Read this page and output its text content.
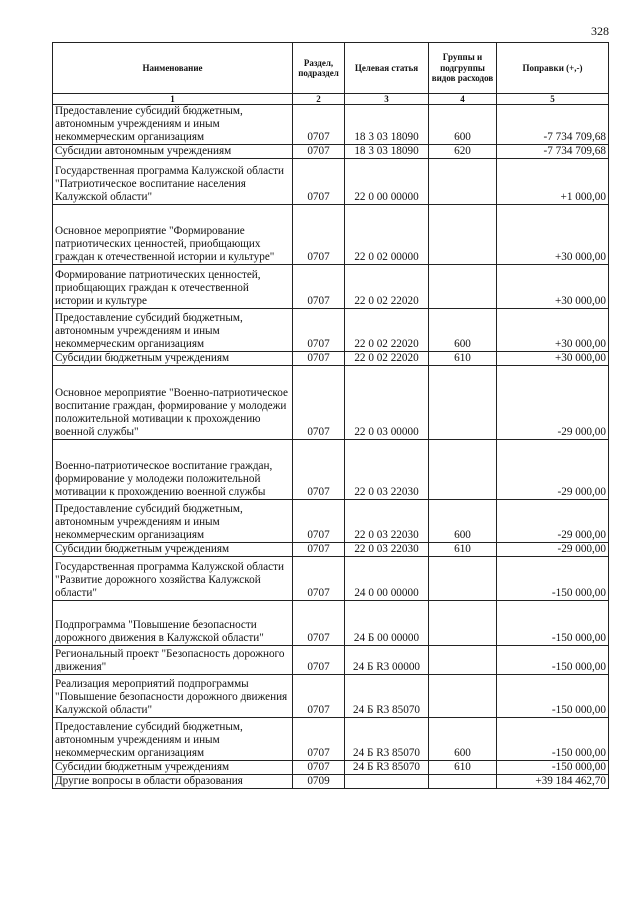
328
Наименование	Раздел, подраздел	Целевая статья	Группы и подгруппы видов расходов	Поправки (+,-)
1	2	3	4	5
Предоставление субсидий бюджетным, автономным учреждениям и иным некоммерческим организациям	0707	18 3 03 18090	600	-7 734 709,68
Субсидии автономным учреждениям	0707	18 3 03 18090	620	-7 734 709,68
Государственная программа Калужской области "Патриотическое воспитание населения Калужской области"	0707	22 0 00 00000		+1 000,00
Основное мероприятие "Формирование патриотических ценностей, приобщающих граждан к отечественной истории и культуре"	0707	22 0 02 00000		+30 000,00
Формирование патриотических ценностей, приобщающих граждан к отечественной истории и культуре	0707	22 0 02 22020		+30 000,00
Предоставление субсидий бюджетным, автономным учреждениям и иным некоммерческим организациям	0707	22 0 02 22020	600	+30 000,00
Субсидии бюджетным учреждениям	0707	22 0 02 22020	610	+30 000,00
Основное мероприятие "Военно-патриотическое воспитание граждан, формирование у молодежи положительной мотивации к прохождению военной службы"	0707	22 0 03 00000		-29 000,00
Военно-патриотическое воспитание граждан, формирование у молодежи положительной мотивации к прохождению военной службы	0707	22 0 03 22030		-29 000,00
Предоставление субсидий бюджетным, автономным учреждениям и иным некоммерческим организациям	0707	22 0 03 22030	600	-29 000,00
Субсидии бюджетным учреждениям	0707	22 0 03 22030	610	-29 000,00
Государственная программа Калужской области "Развитие дорожного хозяйства Калужской области"	0707	24 0 00 00000		-150 000,00
Подпрограмма "Повышение безопасности дорожного движения в Калужской области"	0707	24 Б 00 00000		-150 000,00
Региональный проект "Безопасность дорожного движения"	0707	24 Б R3 00000		-150 000,00
Реализация мероприятий подпрограммы "Повышение безопасности дорожного движения Калужской области"	0707	24 Б R3 85070		-150 000,00
Предоставление субсидий бюджетным, автономным учреждениям и иным некоммерческим организациям	0707	24 Б R3 85070	600	-150 000,00
Субсидии бюджетным учреждениям	0707	24 Б R3 85070	610	-150 000,00
Другие вопросы в области образования	0709			+39 184 462,70
